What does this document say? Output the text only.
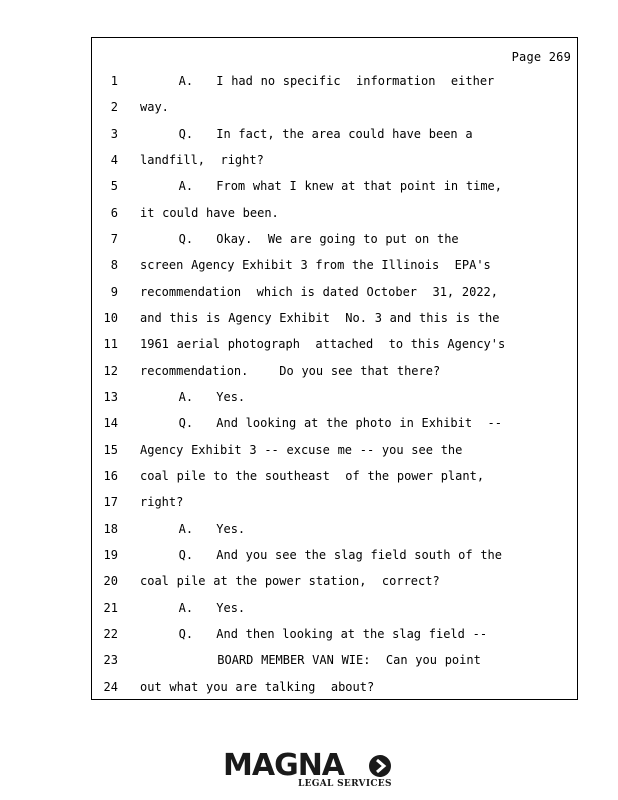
Page 269
1 A.   I had no specific  information  either
2 way.
3 Q.   In fact, the area could have been a
4 landfill,  right?
5 A.   From what I knew at that point in time,
6 it could have been.
7 Q.   Okay.  We are going to put on the
8 screen Agency Exhibit 3 from the Illinois  EPA's
9 recommendation  which is dated October  31, 2022,
10 and this is Agency Exhibit  No. 3 and this is the
11 1961 aerial photograph  attached  to this Agency's
12 recommendation.    Do you see that there?
13 A.   Yes.
14 Q.   And looking at the photo in Exhibit  --
15 Agency Exhibit 3 -- excuse me -- you see the
16 coal pile to the southeast  of the power plant,
17 right?
18 A.   Yes.
19 Q.   And you see the slag field south of the
20 coal pile at the power station,  correct?
21 A.   Yes.
22 Q.   And then looking at the slag field --
23 BOARD MEMBER VAN WIE:  Can you point
24 out what you are talking  about?
MAGNA
LEGAL SERVICES
